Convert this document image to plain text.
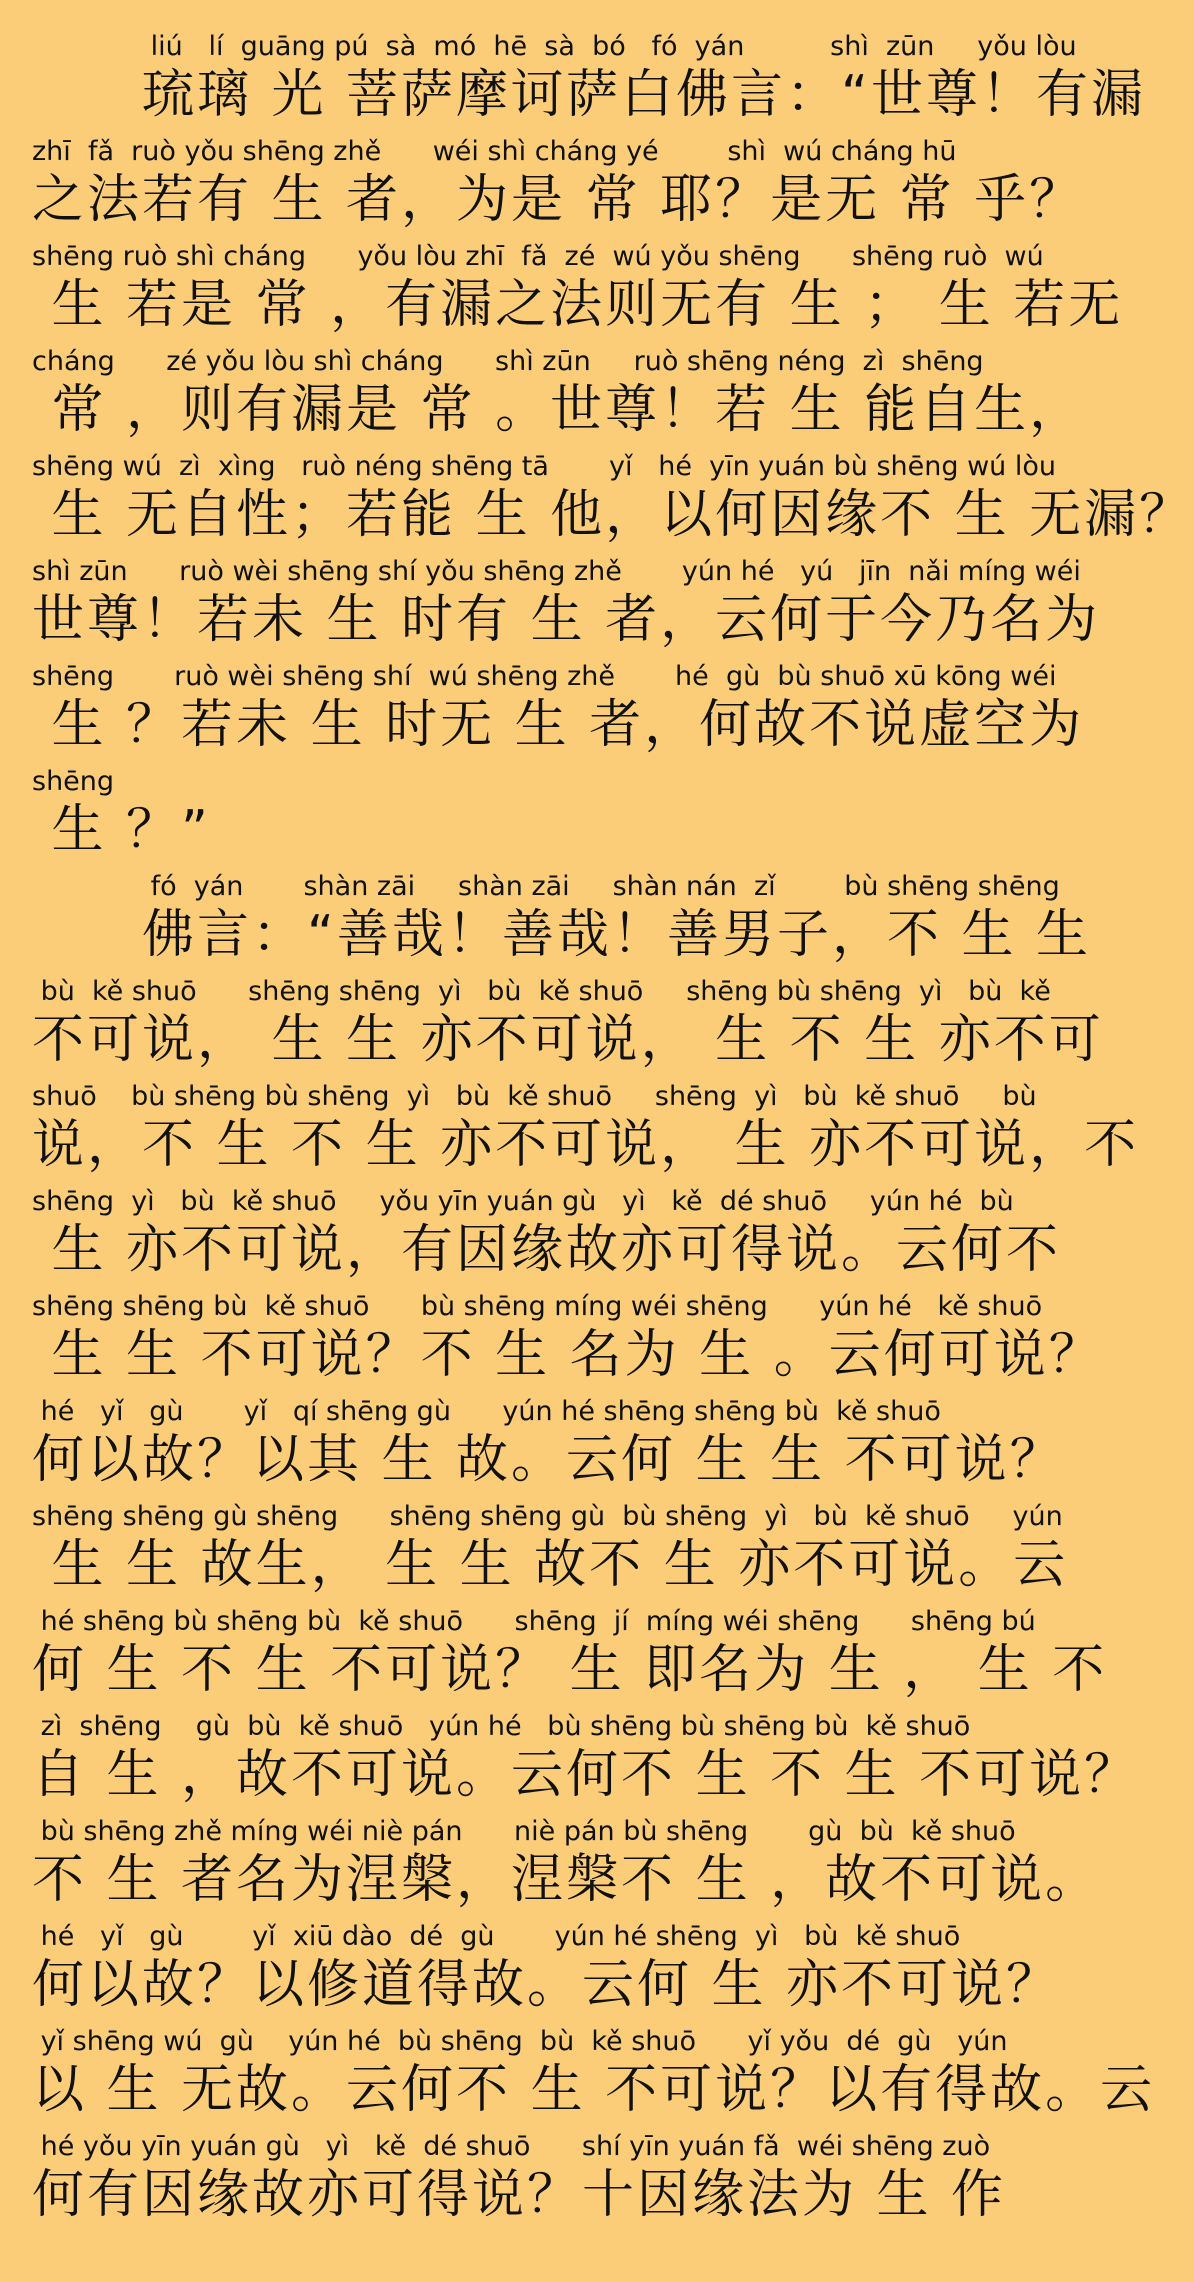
liú   lí  guāng pú  sà  mó  hē  sà  bó   fó  yán          shì  zūn     yǒu lòu
琉璃 光 菩萨摩诃萨白佛言：“世尊！有漏
zhī  fǎ  ruò yǒu shēng zhě      wéi shì cháng yé        shì  wú cháng hū
之法若有 生 者，为是 常 耶？是无 常 乎？
shēng ruò shì cháng      yǒu lòu zhī  fǎ  zé  wú yǒu shēng      shēng ruò  wú
生 若是 常 ，有漏之法则无有 生 ； 生 若无
cháng      zé yǒu lòu shì cháng      shì zūn     ruò shēng néng  zì  shēng
常 ，则有漏是 常 。世尊！若 生 能自生，
shēng wú  zì  xìng   ruò néng shēng tā       yǐ   hé  yīn yuán bù shēng wú lòu
生 无自性；若能 生 他，以何因缘不 生 无漏？
shì zūn      ruò wèi shēng shí yǒu shēng zhě       yún hé   yú   jīn  nǎi míng wéi
世尊！若未 生 时有 生 者，云何于今乃名为
shēng       ruò wèi shēng shí  wú shēng zhě       hé  gù  bù shuō xū kōng wéi
生 ？若未 生 时无 生 者，何故不说虚空为
shēng
生 ？”
fó  yán       shàn zāi     shàn zāi     shàn nán  zǐ        bù shēng shēng
佛言：“善哉！善哉！善男子，不 生 生
bù  kě shuō      shēng shēng  yì   bù  kě shuō     shēng bù shēng  yì   bù  kě
不可说， 生 生 亦不可说， 生 不 生 亦不可
shuō    bù shēng bù shēng  yì   bù  kě shuō     shēng  yì   bù  kě shuō     bù
说，不 生 不 生 亦不可说， 生 亦不可说，不
shēng  yì   bù  kě shuō     yǒu yīn yuán gù   yì   kě  dé shuō     yún hé  bù
生 亦不可说，有因缘故亦可得说。云何不
shēng shēng bù  kě shuō      bù shēng míng wéi shēng      yún hé   kě shuō
生 生 不可说？不 生 名为 生 。云何可说？
hé   yǐ   gù       yǐ   qí shēng gù      yún hé shēng shēng bù  kě shuō
何以故？以其 生 故。云何 生 生 不可说？
shēng shēng gù shēng      shēng shēng gù  bù shēng  yì   bù  kě shuō     yún
生 生 故生， 生 生 故不 生 亦不可说。云
hé shēng bù shēng bù  kě shuō      shēng  jí  míng wéi shēng      shēng bú
何 生 不 生 不可说？ 生 即名为 生 ， 生 不
zì  shēng    gù  bù  kě shuō   yún hé   bù shēng bù shēng bù  kě shuō
自 生 ，故不可说。云何不 生 不 生 不可说？
bù shēng zhě míng wéi niè pán      niè pán bù shēng       gù  bù  kě shuō
不 生 者名为涅槃，涅槃不 生 ，故不可说。
hé   yǐ   gù        yǐ  xiū dào  dé  gù       yún hé shēng  yì   bù  kě shuō
何以故？以修道得故。云何 生 亦不可说？
yǐ shēng wú  gù    yún hé  bù shēng  bù  kě shuō      yǐ yǒu  dé  gù   yún
以 生 无故。云何不 生 不可说？以有得故。云
hé yǒu yīn yuán gù   yì   kě  dé shuō      shí yīn yuán fǎ  wéi shēng zuò
何有因缘故亦可得说？十因缘法为 生 作
